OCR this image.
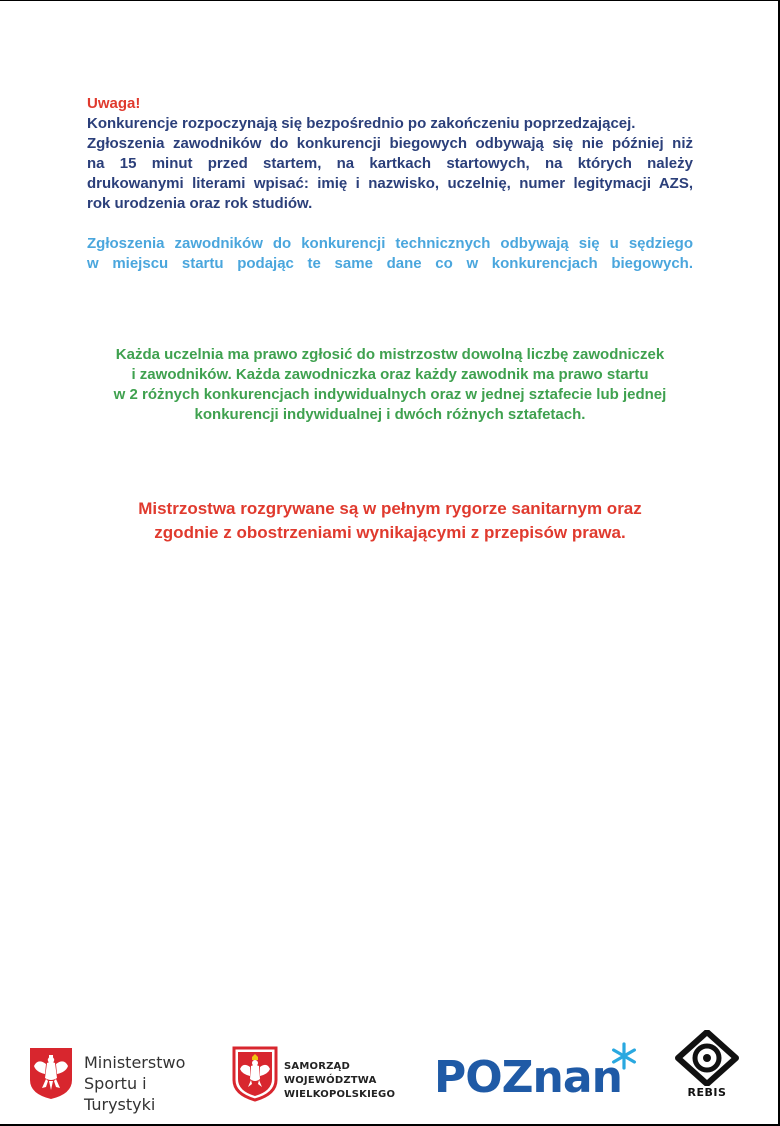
Uwaga!

Konkurencje rozpoczynają się bezpośrednio po zakończeniu poprzedzającej.

Zgłoszenia zawodników do konkurencji biegowych odbywają się nie później niż

na 15 minut przed startem, na kartkach startowych, na których należy

drukowanymi literami wpisać: imię i nazwisko, uczelnię, numer legitymacji AZS,

rok urodzenia oraz rok studiów.

Zgłoszenia zawodników do konkurencji technicznych odbywają się u sędziego

w miejscu startu podając te same dane co w konkurencjach biegowych.

Każda uczelnia ma prawo zgłosić do mistrzostw dowolną liczbę zawodniczek

i zawodników. Każda zawodniczka oraz każdy zawodnik ma prawo startu

w 2 różnych konkurencjach indywidualnych oraz w jednej sztafecie lub jednej

konkurencji indywidualnej i dwóch różnych sztafetach.

Mistrzostwa rozgrywane są w pełnym rygorze sanitarnym oraz

zgodnie z obostrzeniami wynikającymi z przepisów prawa.

Ministerstwo
Sportu i Turystyki
SAMORZĄD WOJEWÓDZTWA
WIELKOPOLSKIEGO POZnan	REBIS
